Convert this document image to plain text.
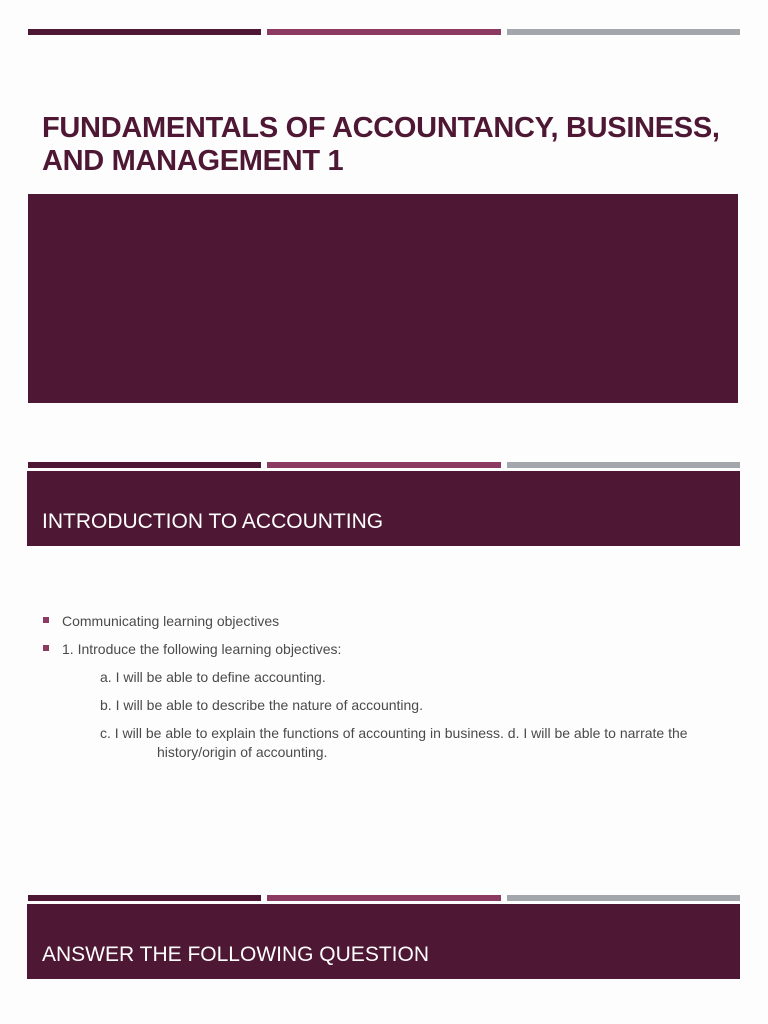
FUNDAMENTALS OF ACCOUNTANCY, BUSINESS, AND MANAGEMENT 1
INTRODUCTION TO ACCOUNTING
Communicating learning objectives
1. Introduce the following learning objectives:
a. I will be able to define accounting.
b. I will be able to describe the nature of accounting.
c. I will be able to explain the functions of accounting in business. d. I will be able to narrate the history/origin of accounting.
ANSWER THE FOLLOWING QUESTION
